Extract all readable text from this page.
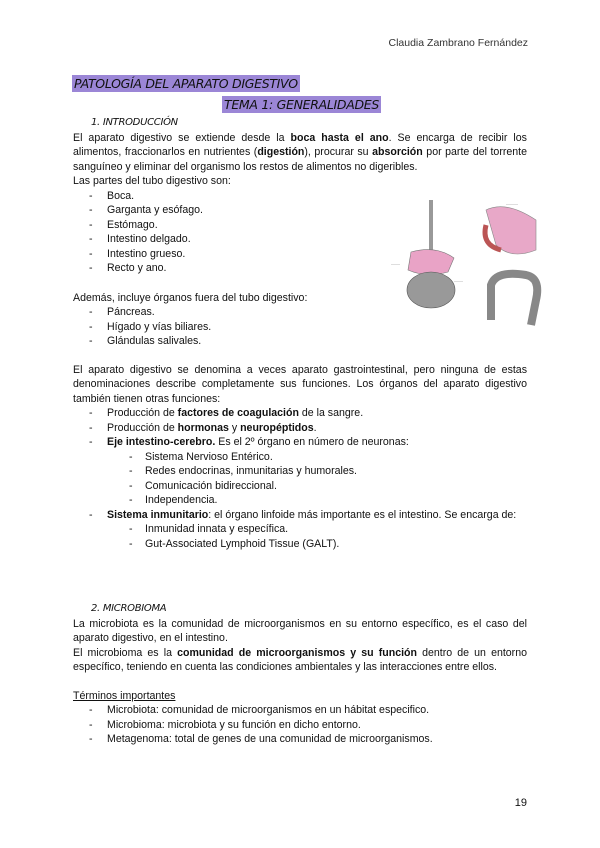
Claudia Zambrano Fernández
PATOLOGÍA DEL APARATO DIGESTIVO
TEMA 1: GENERALIDADES
1. INTRODUCCIÓN

El aparato digestivo se extiende desde la boca hasta el ano. Se encarga de recibir los alimentos, fraccionarlos en nutrientes (digestión), procurar su absorción por parte del torrente sanguíneo y eliminar del organismo los restos de alimentos no digeribles.

Las partes del tubo digestivo son:
- Boca.
- Garganta y esófago.
- Estómago.
- Intestino delgado.
- Intestino grueso.
- Recto y ano.
Además, incluye órganos fuera del tubo digestivo:
- Páncreas.
- Hígado y vías biliares.
- Glándulas salivales.

El aparato digestivo se denomina a veces aparato gastrointestinal, pero ninguna de estas denominaciones describe completamente sus funciones. Los órganos del aparato digestivo también tienen otras funciones:

- Producción de factores de coagulación de la sangre.
- Producción de hormonas y neuropéptidos.
- Eje intestino-cerebro. Es el 2º órgano en número de neuronas:
- Sistema Nervioso Entérico.
- Redes endocrinas, inmunitarias y humorales.
- Comunicación bidireccional.
- Independencia.
- Sistema inmunitario: el órgano linfoide más importante es el intestino. Se encarga de:
- Inmunidad innata y específica.
- Gut-Associated Lymphoid Tissue (GALT).
———
———
————
2. MICROBIOMA

La microbiota es la comunidad de microorganismos en su entorno específico, es el caso del aparato digestivo, en el intestino.

El microbioma es la comunidad de microorganismos y su función dentro de un entorno específico, teniendo en cuenta las condiciones ambientales y las interacciones entre ellos.

Términos importantes
- Microbiota: comunidad de microorganismos en un hábitat especifico.
- Microbioma: microbiota y su función en dicho entorno.
- Metagenoma: total de genes de una comunidad de microorganismos.
19
